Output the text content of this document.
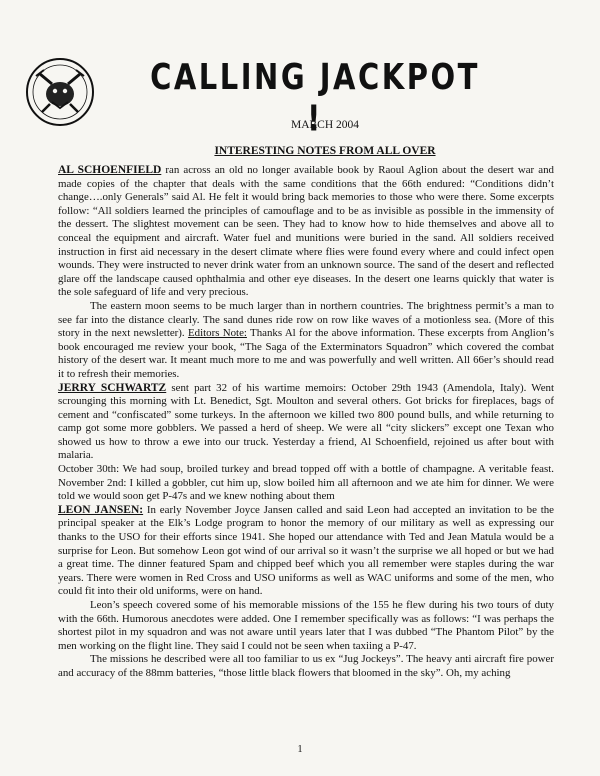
CALLING JACKPOT !
MARCH 2004
INTERESTING NOTES FROM ALL OVER

AL SCHOENFIELD ran across an old no longer available book by Raoul Aglion about the desert war and made copies of the chapter that deals with the same conditions that the 66th endured: “Conditions didn’t change….only Generals” said Al. He felt it would bring back memories to those who were there. Some excerpts follow: “All soldiers learned the principles of camouflage and to be as invisible as possible in the immensity of the dessert. The slightest movement can be seen. They had to know how to hide themselves and above all to conceal the equipment and aircraft. Water fuel and munitions were buried in the sand. All soldiers received instruction in first aid necessary in the desert climate where flies were found every where and could infect open wounds. They were instructed to never drink water from an unknown source. The sand of the desert and reflected glare off the landscape caused ophthalmia and other eye diseases. In the desert one learns quickly that water is the sole safeguard of life and very precious.

The eastern moon seems to be much larger than in northern countries. The brightness permit’s a man to see far into the distance clearly. The sand dunes ride row on row like waves of a motionless sea. (More of this story in the next newsletter). Editors Note: Thanks Al for the above information. These excerpts from Anglion’s book encouraged me review your book, “The Saga of the Exterminators Squadron” which covered the combat history of the desert war. It meant much more to me and was powerfully and well written. All 66er’s should read it to refresh their memories.

JERRY SCHWARTZ sent part 32 of his wartime memoirs: October 29th 1943 (Amendola, Italy). Went scrounging this morning with Lt. Benedict, Sgt. Moulton and several others. Got bricks for fireplaces, bags of cement and “confiscated” some turkeys. In the afternoon we killed two 800 pound bulls, and while returning to camp got some more gobblers. We passed a herd of sheep. We were all “city slickers” except one Texan who showed us how to throw a ewe into our truck. Yesterday a friend, Al Schoenfield, rejoined us after bout with malaria.

October 30th: We had soup, broiled turkey and bread topped off with a bottle of champagne. A veritable feast. November 2nd: I killed a gobbler, cut him up, slow boiled him all afternoon and we ate him for dinner. We were told we would soon get P-47s and we knew nothing about them

LEON JANSEN: In early November Joyce Jansen called and said Leon had accepted an invitation to be the principal speaker at the Elk’s Lodge program to honor the memory of our military as well as expressing our thanks to the USO for their efforts since 1941. She hoped our attendance with Ted and Jean Matula would be a surprise for Leon. But somehow Leon got wind of our arrival so it wasn’t the surprise we all hoped or but we had a great time. The dinner featured Spam and chipped beef which you all remember were staples during the war years. There were women in Red Cross and USO uniforms as well as WAC uniforms and some of the men, who could fit into their old uniforms, were on hand.

Leon’s speech covered some of his memorable missions of the 155 he flew during his two tours of duty with the 66th. Humorous anecdotes were added. One I remember specifically was as follows: “I was perhaps the shortest pilot in my squadron and was not aware until years later that I was dubbed “The Phantom Pilot” by the men working on the flight line. They said I could not be seen when taxiing a P-47.

The missions he described were all too familiar to us ex “Jug Jockeys”. The heavy anti aircraft fire power and accuracy of the 88mm batteries, “those little black flowers that bloomed in the sky”. Oh, my aching

1
